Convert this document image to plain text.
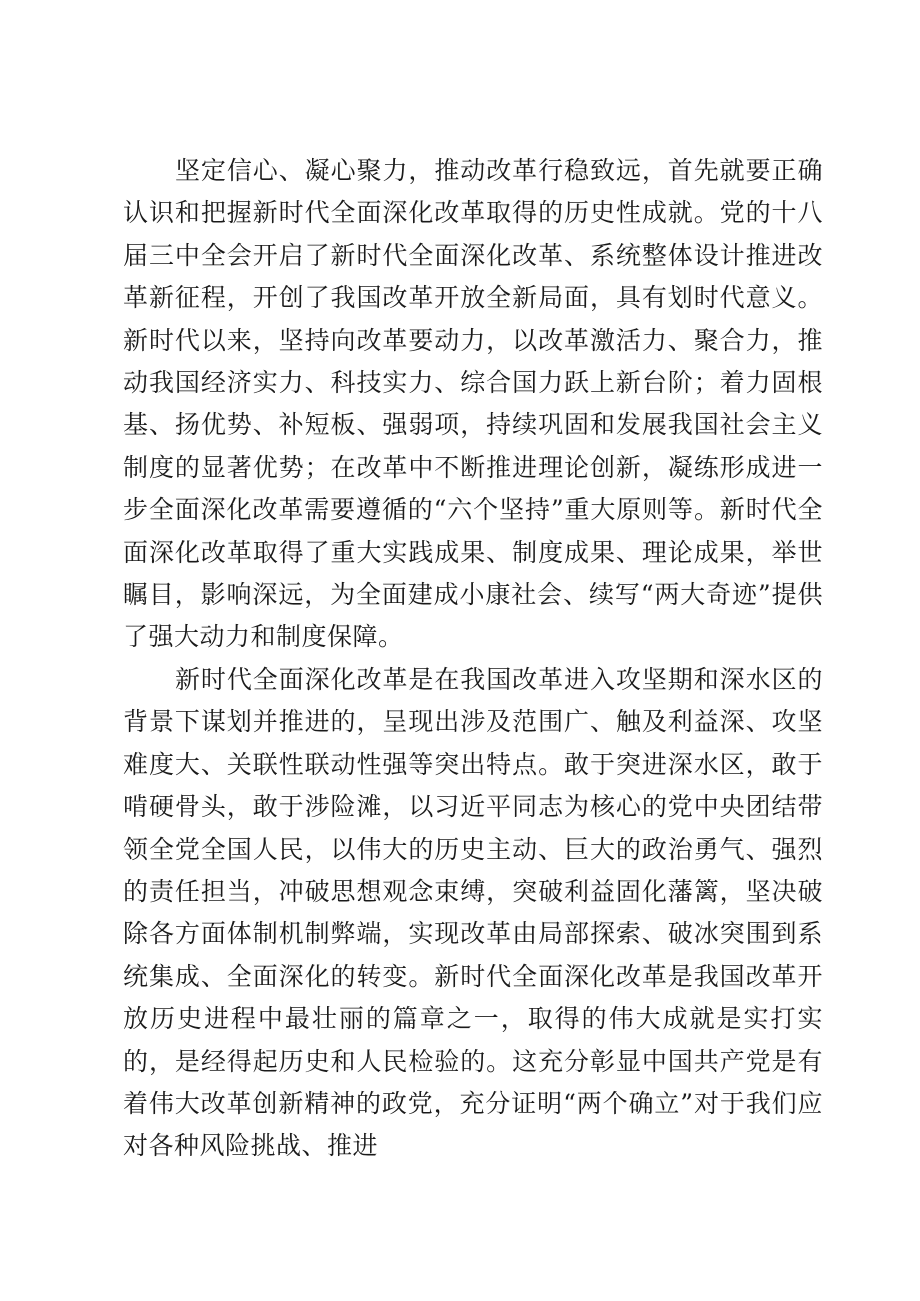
坚定信心、凝心聚力，推动改革行稳致远，首先就要正确认识和把握新时代全面深化改革取得的历史性成就。党的十八届三中全会开启了新时代全面深化改革、系统整体设计推进改革新征程，开创了我国改革开放全新局面，具有划时代意义。新时代以来，坚持向改革要动力，以改革激活力、聚合力，推动我国经济实力、科技实力、综合国力跃上新台阶；着力固根基、扬优势、补短板、强弱项，持续巩固和发展我国社会主义制度的显著优势；在改革中不断推进理论创新，凝练形成进一步全面深化改革需要遵循的“六个坚持”重大原则等。新时代全面深化改革取得了重大实践成果、制度成果、理论成果，举世瞩目，影响深远，为全面建成小康社会、续写“两大奇迹”提供了强大动力和制度保障。

新时代全面深化改革是在我国改革进入攻坚期和深水区的背景下谋划并推进的，呈现出涉及范围广、触及利益深、攻坚难度大、关联性联动性强等突出特点。敢于突进深水区，敢于啃硬骨头，敢于涉险滩，以习近平同志为核心的党中央团结带领全党全国人民，以伟大的历史主动、巨大的政治勇气、强烈的责任担当，冲破思想观念束缚，突破利益固化藩篱，坚决破除各方面体制机制弊端，实现改革由局部探索、破冰突围到系统集成、全面深化的转变。新时代全面深化改革是我国改革开放历史进程中最壮丽的篇章之一，取得的伟大成就是实打实的，是经得起历史和人民检验的。这充分彰显中国共产党是有着伟大改革创新精神的政党，充分证明“两个确立”对于我们应对各种风险挑战、推进
